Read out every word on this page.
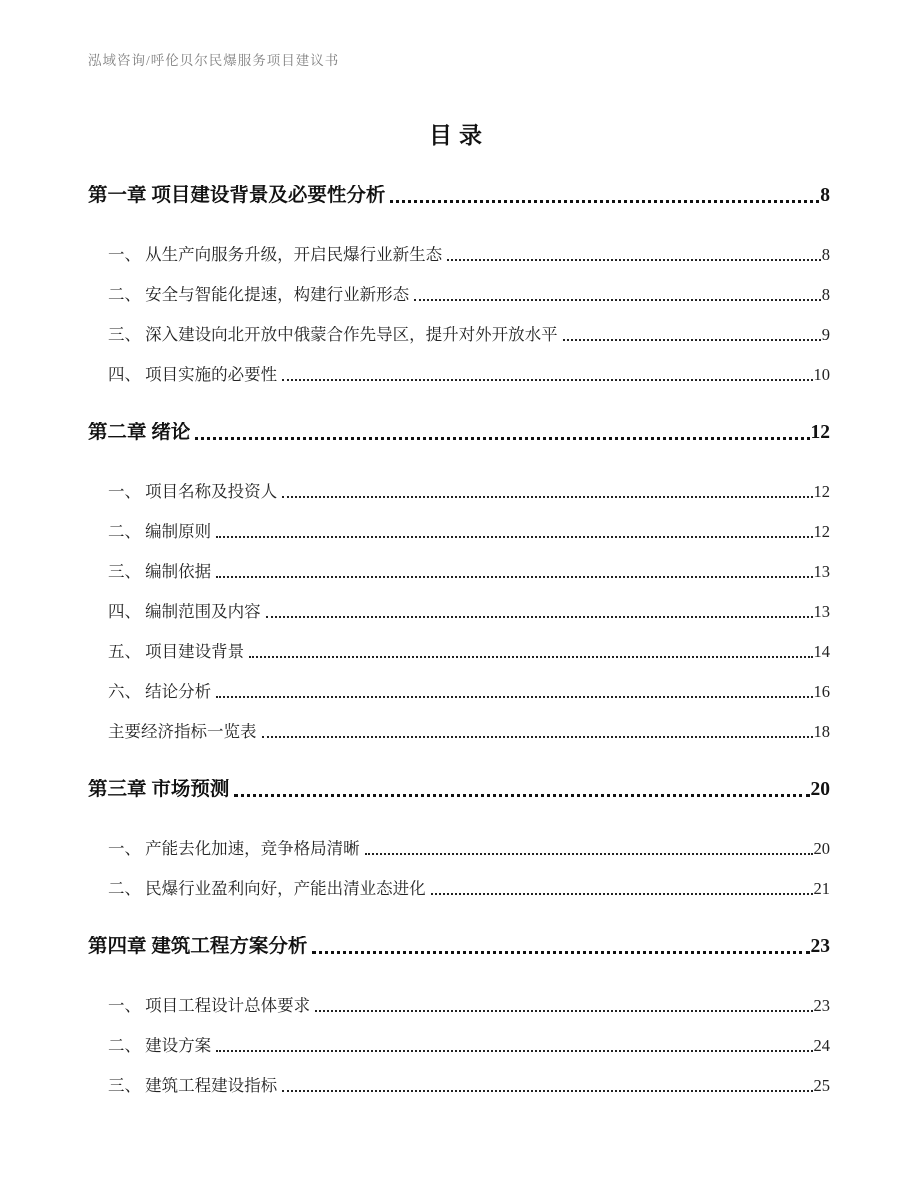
泓域咨询/呼伦贝尔民爆服务项目建议书
目录
第一章 项目建设背景及必要性分析	8
一、 从生产向服务升级，开启民爆行业新生态	8
二、 安全与智能化提速，构建行业新形态	8
三、 深入建设向北开放中俄蒙合作先导区，提升对外开放水平	9
四、 项目实施的必要性	10
第二章 绪论	12
一、 项目名称及投资人	12
二、 编制原则	12
三、 编制依据	13
四、 编制范围及内容	13
五、 项目建设背景	14
六、 结论分析	16
主要经济指标一览表	18
第三章 市场预测	20
一、 产能去化加速，竞争格局清晰	20
二、 民爆行业盈利向好，产能出清业态进化	21
第四章 建筑工程方案分析	23
一、 项目工程设计总体要求	23
二、 建设方案	24
三、 建筑工程建设指标	25
